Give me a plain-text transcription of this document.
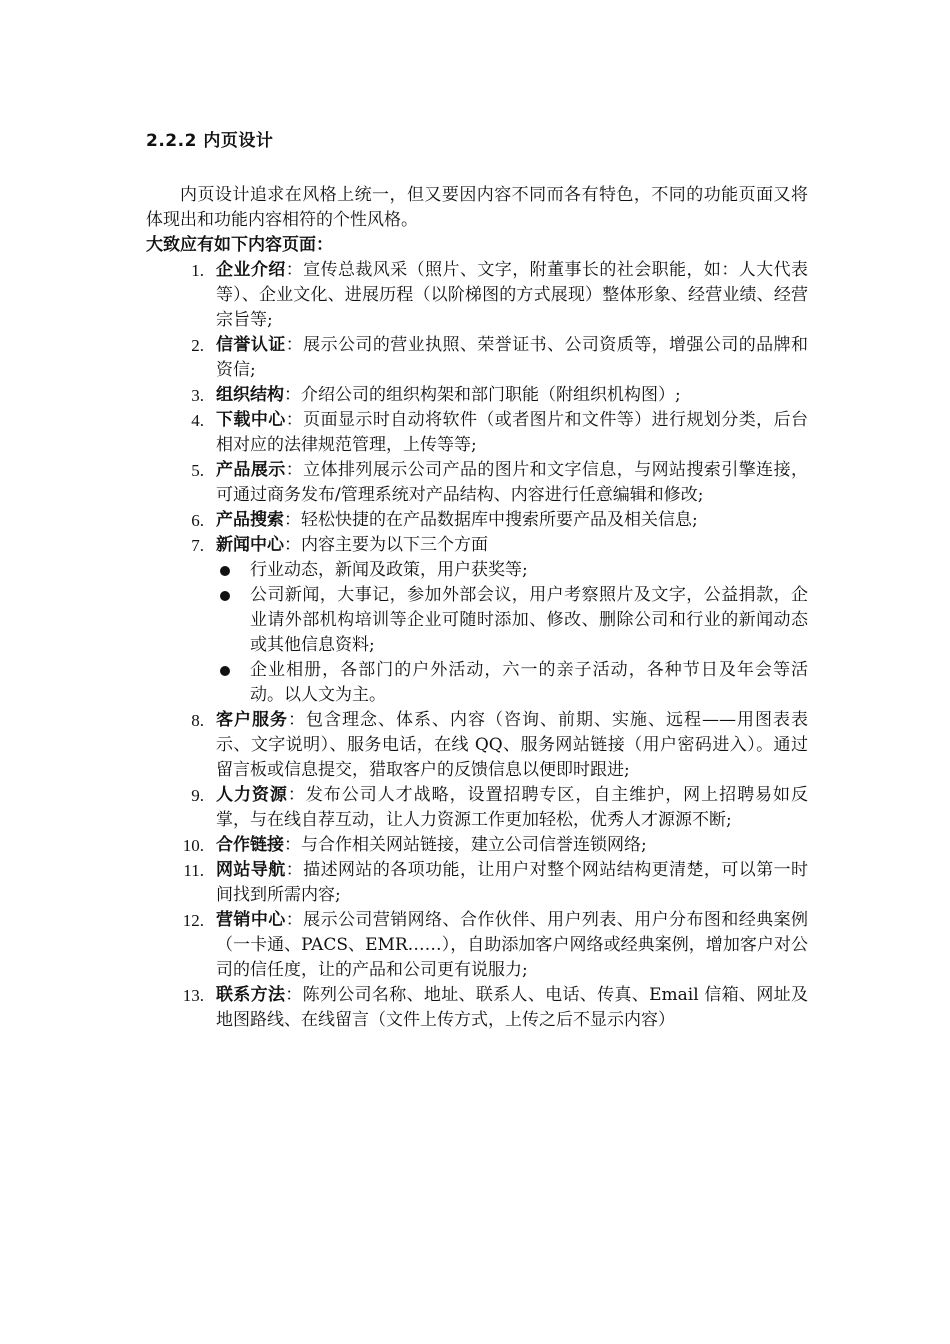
2.2.2 内页设计
内页设计追求在风格上统一，但又要因内容不同而各有特色，不同的功能页面又将体现出和功能内容相符的个性风格。
大致应有如下内容页面：
1. 企业介绍：宣传总裁风采（照片、文字，附董事长的社会职能，如：人大代表等）、企业文化、进展历程（以阶梯图的方式展现）整体形象、经营业绩、经营宗旨等;
2. 信誉认证：展示公司的营业执照、荣誉证书、公司资质等，增强公司的品牌和资信;
3. 组织结构：介绍公司的组织构架和部门职能（附组织机构图）;
4. 下载中心：页面显示时自动将软件（或者图片和文件等）进行规划分类，后台相对应的法律规范管理，上传等等;
5. 产品展示：立体排列展示公司产品的图片和文字信息，与网站搜索引擎连接，可通过商务发布/管理系统对产品结构、内容进行任意编辑和修改;
6. 产品搜索：轻松快捷的在产品数据库中搜索所要产品及相关信息;
7. 新闻中心：内容主要为以下三个方面
行业动态，新闻及政策，用户获奖等;
公司新闻，大事记，参加外部会议，用户考察照片及文字，公益捐款，企业请外部机构培训等企业可随时添加、修改、删除公司和行业的新闻动态或其他信息资料;
企业相册，各部门的户外活动，六一的亲子活动，各种节日及年会等活动。以人文为主。
8. 客户服务：包含理念、体系、内容（咨询、前期、实施、远程——用图表表示、文字说明）、服务电话，在线 QQ、服务网站链接（用户密码进入）。通过留言板或信息提交，猎取客户的反馈信息以便即时跟进;
9. 人力资源：发布公司人才战略，设置招聘专区，自主维护，网上招聘易如反掌，与在线自荐互动，让人力资源工作更加轻松，优秀人才源源不断;
10. 合作链接：与合作相关网站链接，建立公司信誉连锁网络;
11. 网站导航：描述网站的各项功能，让用户对整个网站结构更清楚，可以第一时间找到所需内容;
12. 营销中心：展示公司营销网络、合作伙伴、用户列表、用户分布图和经典案例（一卡通、PACS、EMR……），自助添加客户网络或经典案例，增加客户对公司的信任度，让的产品和公司更有说服力;
13. 联系方法：陈列公司名称、地址、联系人、电话、传真、Email 信箱、网址及地图路线、在线留言（文件上传方式，上传之后不显示内容）
